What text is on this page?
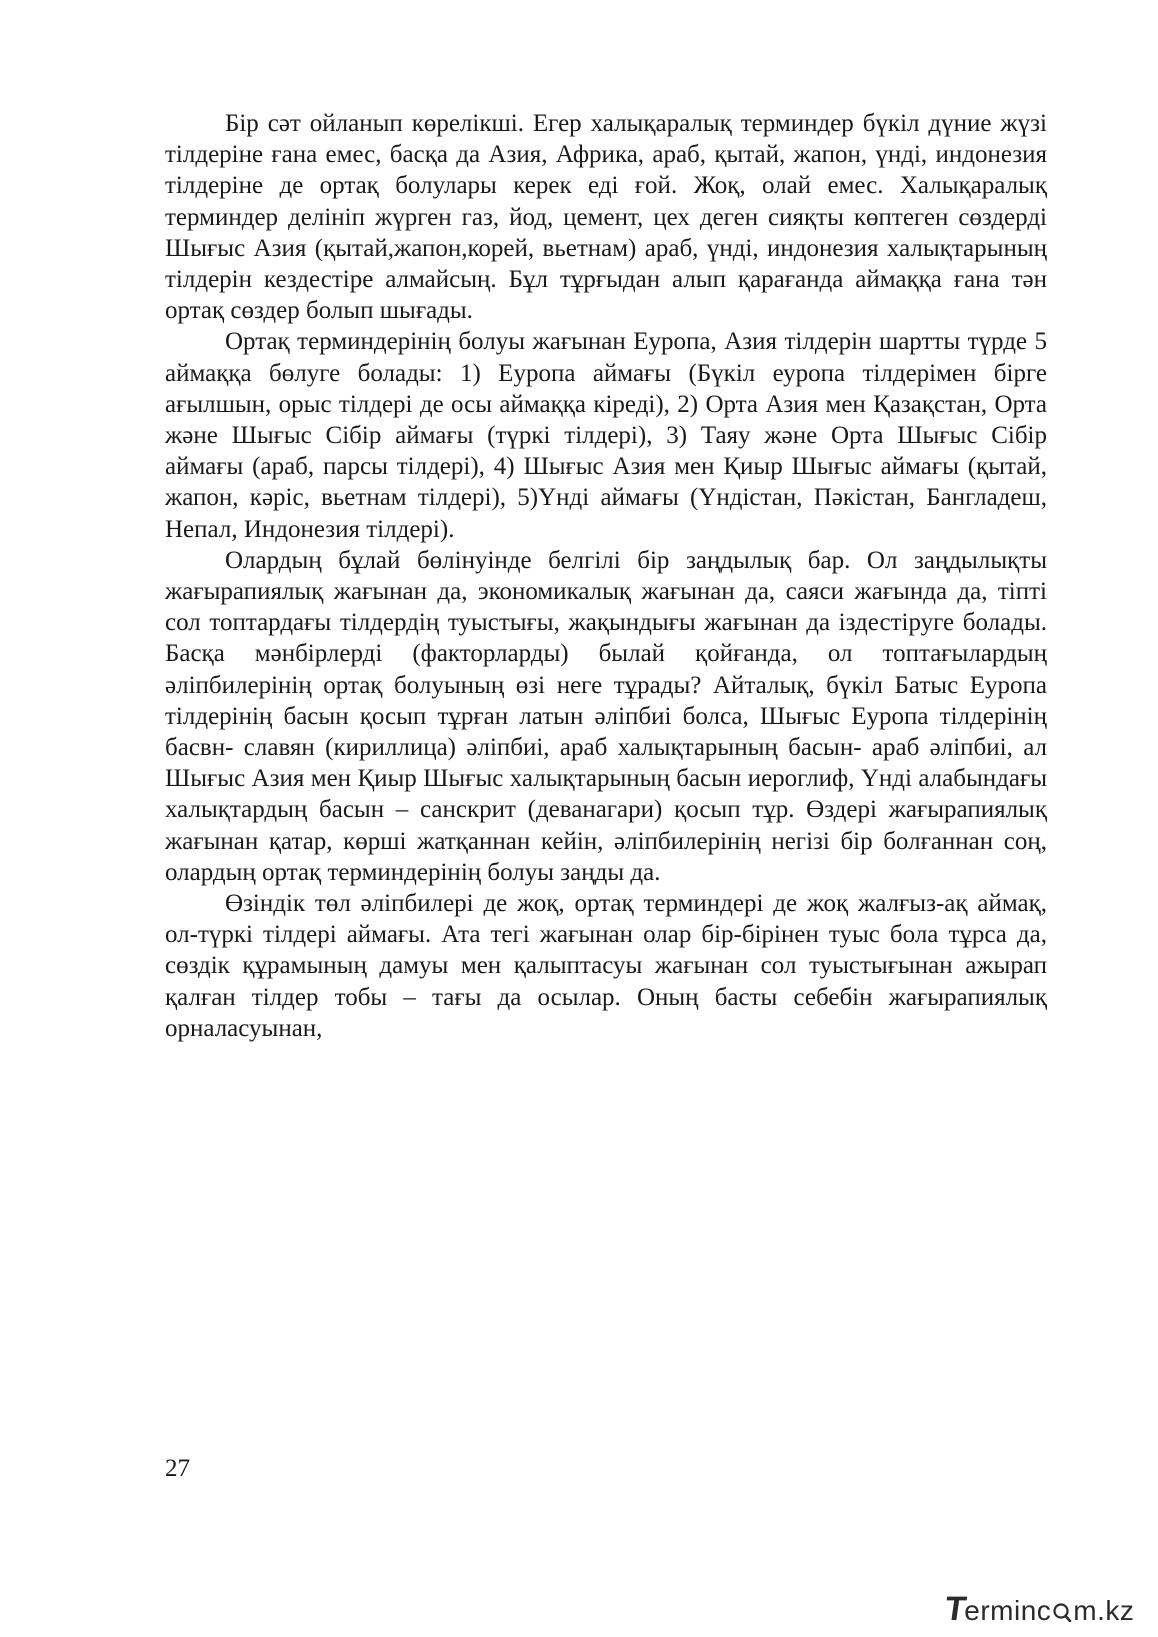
Бір сәт ойланып көрелікші. Егер халықаралық терминдер бүкіл дүние жүзі тілдеріне ғана емес, басқа да Азия, Африка, араб, қытай, жапон, үнді, индонезия тілдеріне де ортақ болулары керек еді ғой. Жоқ, олай емес. Халықаралық терминдер делініп жүрген газ, йод, цемент, цех деген сияқты көптеген сөздерді Шығыс Азия (қытай,жапон,корей, вьетнам) араб, үнді, индонезия халықтарының тілдерін кездестіре алмайсың. Бұл тұрғыдан алып қарағанда аймаққа ғана тән ортақ сөздер болып шығады.

Ортақ терминдерінің болуы жағынан Еуропа, Азия тілдерін шартты түрде 5 аймаққа бөлуге болады: 1) Еуропа аймағы (Бүкіл еуропа тілдерімен бірге ағылшын, орыс тілдері де осы аймаққа кіреді), 2) Орта Азия мен Қазақстан, Орта және Шығыс Сібір аймағы (түркі тілдері), 3) Таяу және Орта Шығыс Сібір аймағы (араб, парсы тілдері), 4) Шығыс Азия мен Қиыр Шығыс аймағы (қытай, жапон, кәріс, вьетнам тілдері), 5)Үнді аймағы (Үндістан, Пәкістан, Бангладеш, Непал, Индонезия тілдері).

Олардың бұлай бөлінуінде белгілі бір заңдылық бар. Ол заңдылықты жағырапиялық жағынан да, экономикалық жағынан да, саяси жағында да, тіпті сол топтардағы тілдердің туыстығы, жақындығы жағынан да іздестіруге болады. Басқа мәнбірлерді (факторларды) былай қойғанда, ол топтағылардың әліпбилерінің ортақ болуының өзі неге тұрады? Айталық, бүкіл Батыс Еуропа тілдерінің басын қосып тұрған латын әліпбиі болса, Шығыс Еуропа тілдерінің басвн- славян (кириллица) әліпбиі, араб халықтарының басын- араб әліпбиі, ал Шығыс Азия мен Қиыр Шығыс халықтарының басын иероглиф, Үнді алабындағы халықтардың басын – санскрит (деванагари) қосып тұр. Өздері жағырапиялық жағынан қатар, көрші жатқаннан кейін, әліпбилерінің негізі бір болғаннан соң, олардың ортақ терминдерінің болуы заңды да.

Өзіндік төл әліпбилері де жоқ, ортақ терминдері де жоқ жалғыз-ақ аймақ, ол-түркі тілдері аймағы. Ата тегі жағынан олар бір-бірінен туыс бола тұрса да, сөздік құрамының дамуы мен қалыптасуы жағынан сол туыстығынан ажырап қалған тілдер тобы – тағы да осылар. Оның басты себебін жағырапиялық орналасуынан,

27
Terminc m.kz
